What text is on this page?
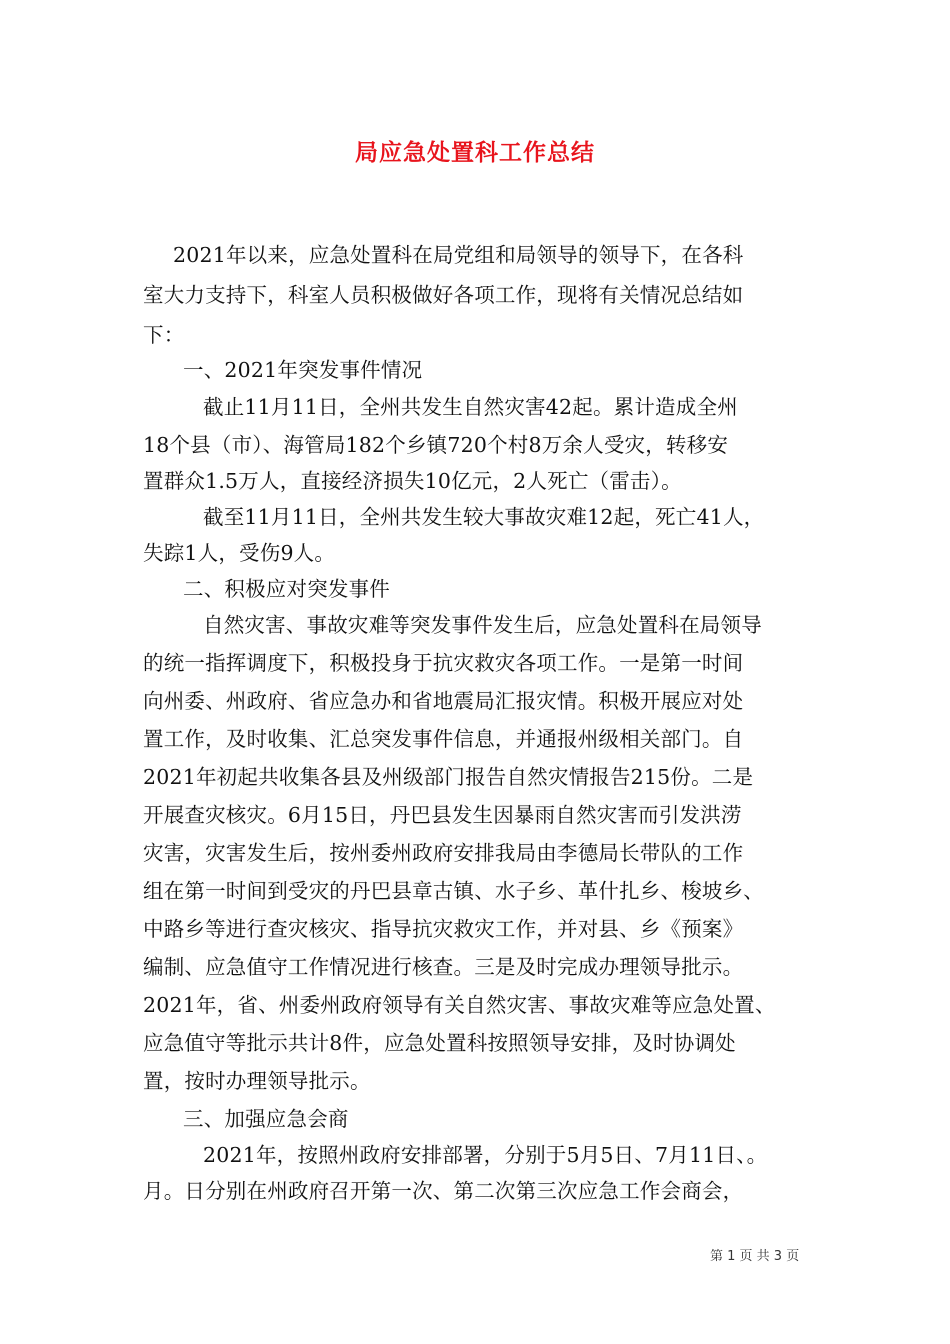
局应急处置科工作总结
2021年以来，应急处置科在局党组和局领导的领导下，在各科
室大力支持下，科室人员积极做好各项工作，现将有关情况总结如
下：
一、2021年突发事件情况
截止11月11日，全州共发生自然灾害42起。累计造成全州
18个县（市）、海管局182个乡镇720个村8万余人受灾，转移安
置群众1.5万人，直接经济损失10亿元，2人死亡（雷击）。
截至11月11日，全州共发生较大事故灾难12起，死亡41人，
失踪1人，受伤9人。
二、积极应对突发事件
自然灾害、事故灾难等突发事件发生后，应急处置科在局领导
的统一指挥调度下，积极投身于抗灾救灾各项工作。一是第一时间
向州委、州政府、省应急办和省地震局汇报灾情。积极开展应对处
置工作，及时收集、汇总突发事件信息，并通报州级相关部门。自
2021年初起共收集各县及州级部门报告自然灾情报告215份。二是
开展查灾核灾。6月15日，丹巴县发生因暴雨自然灾害而引发洪涝
灾害，灾害发生后，按州委州政府安排我局由李德局长带队的工作
组在第一时间到受灾的丹巴县章古镇、水子乡、革什扎乡、梭坡乡、
中路乡等进行查灾核灾、指导抗灾救灾工作，并对县、乡《预案》
编制、应急值守工作情况进行核查。三是及时完成办理领导批示。
2021年，省、州委州政府领导有关自然灾害、事故灾难等应急处置、
应急值守等批示共计8件，应急处置科按照领导安排，及时协调处
置，按时办理领导批示。
三、加强应急会商
2021年，按照州政府安排部署，分别于5月5日、7月11日、。
月。日分别在州政府召开第一次、第二次第三次应急工作会商会，
第 1 页 共 3 页
